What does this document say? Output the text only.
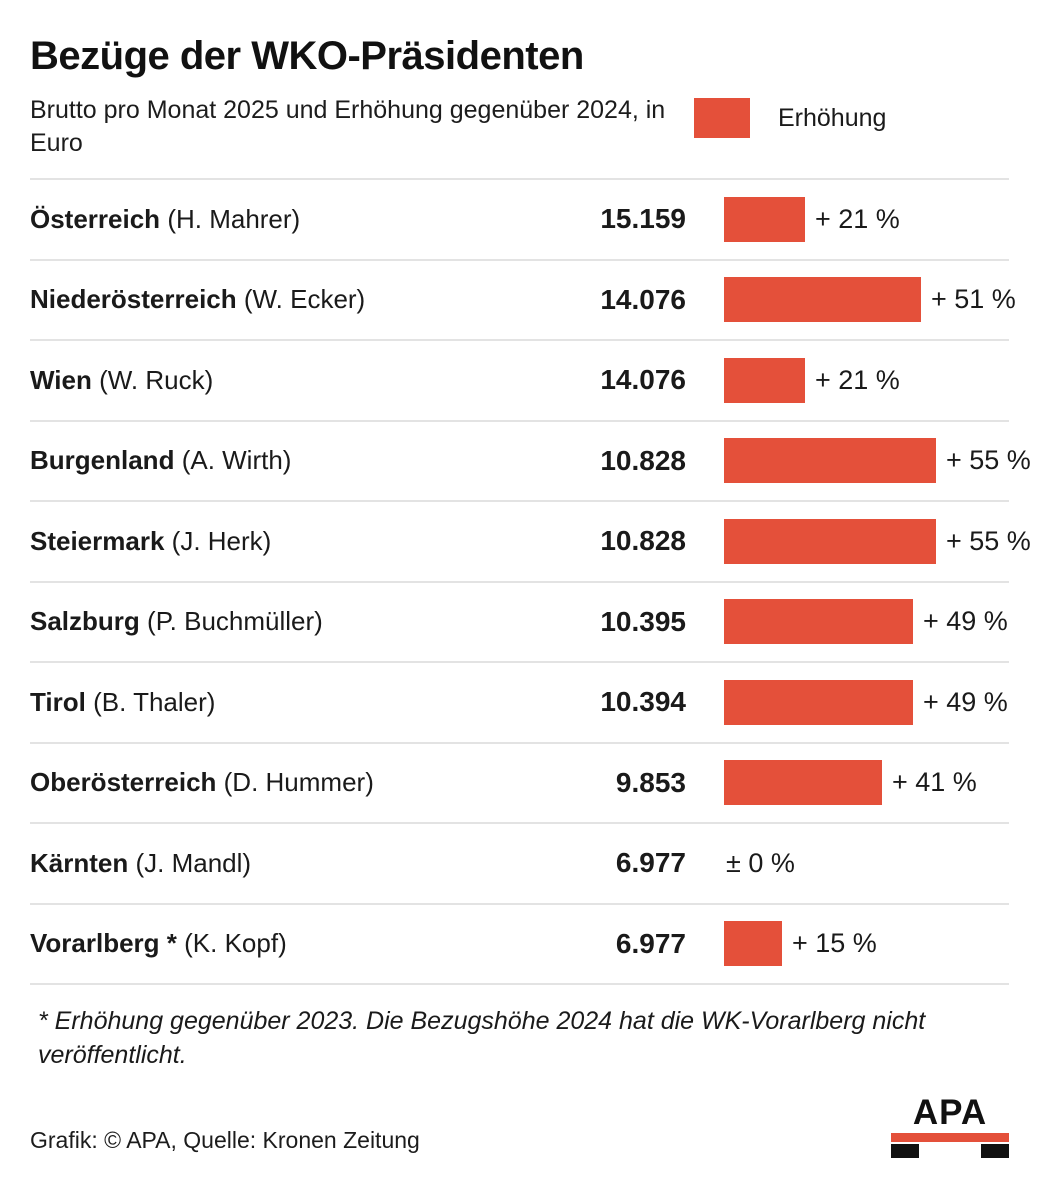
Bezüge der WKO-Präsidenten
Brutto pro Monat 2025 und Erhöhung gegenüber 2024, in Euro
Erhöhung
Österreich (H. Mahrer)	15.159	+ 21 %
Niederösterreich (W. Ecker)	14.076	+ 51 %
Wien (W. Ruck)	14.076	+ 21 %
Burgenland (A. Wirth)	10.828	+ 55 %
Steiermark (J. Herk)	10.828	+ 55 %
Salzburg (P. Buchmüller)	10.395	+ 49 %
Tirol (B. Thaler)	10.394	+ 49 %
Oberösterreich (D. Hummer)	9.853	+ 41 %
Kärnten (J. Mandl)	6.977 ± 0 %
Vorarlberg * (K. Kopf)	6.977	+ 15 %
* Erhöhung gegenüber 2023. Die Bezugshöhe 2024 hat die WK-Vorarlberg nicht veröffentlicht.
Grafik: © APA, Quelle: Kronen Zeitung
APA
